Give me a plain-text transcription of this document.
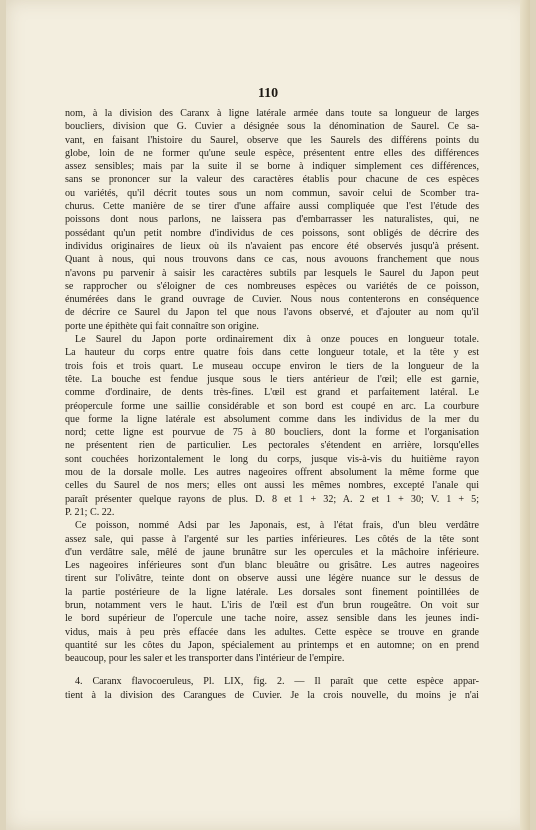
110
nom, à la division des Caranx à ligne latérale armée dans toute sa longueur de larges
boucliers, division que G. Cuvier a désignée sous la dénomination de Saurel. Ce sa-
vant, en faisant l'histoire du Saurel, observe que les Saurels des différens points du
globe, loin de ne former qu'une seule espèce, présentent entre elles des différences
assez sensibles; mais par la suite il se borne à indiquer simplement ces différences,
sans se prononcer sur la valeur des caractères établis pour chacune de ces espèces
ou variétés, qu'il décrit toutes sous un nom commun, savoir celui de Scomber tra-
churus. Cette manière de se tirer d'une affaire aussi compliquée que l'est l'étude des
poissons dont nous parlons, ne laissera pas d'embarrasser les naturalistes, qui, ne
possédant qu'un petit nombre d'individus de ces poissons, sont obligés de décrire des
individus originaires de lieux où ils n'avaient pas encore été observés jusqu'à présent.
Quant à nous, qui nous trouvons dans ce cas, nous avouons franchement que nous
n'avons pu parvenir à saisir les caractères subtils par lesquels le Saurel du Japon peut
se rapprocher ou s'éloigner de ces nombreuses espèces ou variétés de ce poisson,
énumérées dans le grand ouvrage de Cuvier. Nous nous contenterons en conséquence
de décrire ce Saurel du Japon tel que nous l'avons observé, et d'ajouter au nom qu'il
porte une épithète qui fait connaître son origine.
Le Saurel du Japon porte ordinairement dix à onze pouces en longueur totale.
La hauteur du corps entre quatre fois dans cette longueur totale, et la tête y est
trois fois et trois quart. Le museau occupe environ le tiers de la longueur de la
tête. La bouche est fendue jusque sous le tiers antérieur de l'œil; elle est garnie,
comme d'ordinaire, de dents très-fines. L'œil est grand et parfaitement latéral. Le
préopercule forme une saillie considérable et son bord est coupé en arc. La courbure
que forme la ligne latérale est absolument comme dans les individus de la mer du
nord; cette ligne est pourvue de 75 à 80 boucliers, dont la forme et l'organisation
ne présentent rien de particulier. Les pectorales s'étendent en arrière, lorsqu'elles
sont couchées horizontalement le long du corps, jusque vis-à-vis du huitième rayon
mou de la dorsale molle. Les autres nageoires offrent absolument la même forme que
celles du Saurel de nos mers; elles ont aussi les mêmes nombres, excepté l'anale qui
paraît présenter quelque rayons de plus. D. 8 et 1 + 32; A. 2 et 1 + 30; V. 1 + 5;
P. 21; C. 22.
Ce poisson, nommé Adsi par les Japonais, est, à l'état frais, d'un bleu verdâtre
assez sale, qui passe à l'argenté sur les parties inférieures. Les côtés de la tête sont
d'un verdâtre sale, mêlé de jaune brunâtre sur les opercules et la mâchoire inférieure.
Les nageoires inférieures sont d'un blanc bleuâtre ou grisâtre. Les autres nageoires
tirent sur l'olivâtre, teinte dont on observe aussi une légère nuance sur le dessus de
la partie postérieure de la ligne latérale. Les dorsales sont finement pointillées de
brun, notamment vers le haut. L'iris de l'œil est d'un brun rougeâtre. On voit sur
le bord supérieur de l'opercule une tache noire, assez sensible dans les jeunes indi-
vidus, mais à peu près effacée dans les adultes. Cette espèce se trouve en grande
quantité sur les côtes du Japon, spécialement au printemps et en automne; on en prend
beaucoup, pour les saler et les transporter dans l'intérieur de l'empire.
4. Caranx flavocoeruleus, Pl. LIX, fig. 2. — Il paraît que cette espèce appar-
tient à la division des Carangues de Cuvier. Je la crois nouvelle, du moins je n'ai
